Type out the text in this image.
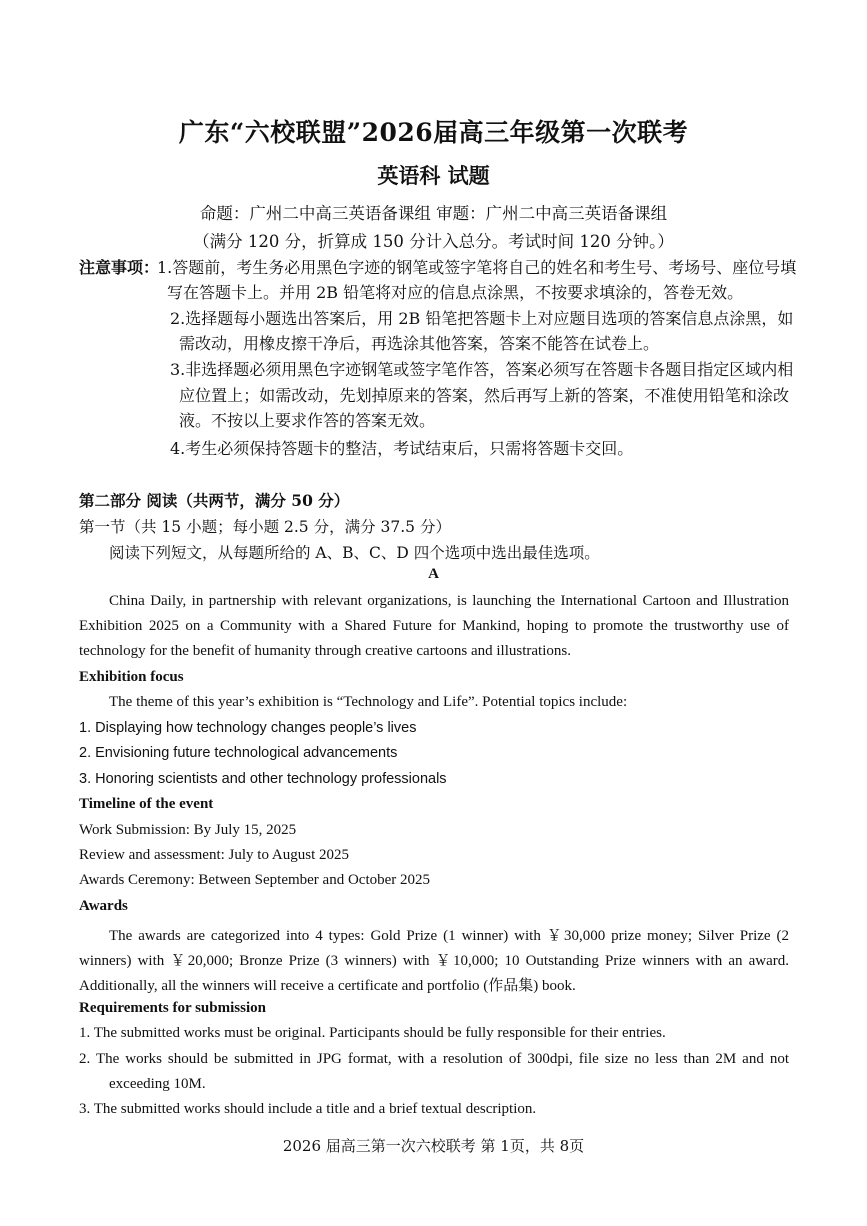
广东“六校联盟”2026届高三年级第一次联考
英语科 试题
命题：广州二中高三英语备课组 审题：广州二中高三英语备课组
（满分 120 分，折算成 150 分计入总分。考试时间 120 分钟。）
注意事项：
1.答题前，考生务必用黑色字迹的钢笔或签字笔将自己的姓名和考生号、考场号、座位号填
写在答题卡上。并用 2B 铅笔将对应的信息点涂黑，不按要求填涂的，答卷无效。
2.选择题每小题选出答案后，用 2B 铅笔把答题卡上对应题目选项的答案信息点涂黑，如
需改动，用橡皮擦干净后，再选涂其他答案，答案不能答在试卷上。
3.非选择题必须用黑色字迹钢笔或签字笔作答，答案必须写在答题卡各题目指定区域内相
应位置上；如需改动，先划掉原来的答案，然后再写上新的答案，不准使用铅笔和涂改
液。不按以上要求作答的答案无效。
4.考生必须保持答题卡的整洁，考试结束后，只需将答题卡交回。
第二部分 阅读（共两节，满分 50 分）
第一节（共 15 小题；每小题 2.5 分，满分 37.5 分）
阅读下列短文，从每题所给的 A、B、C、D 四个选项中选出最佳选项。
A
China Daily, in partnership with relevant organizations, is launching the International Cartoon and Illustration
Exhibition 2025 on a Community with a Shared Future for Mankind, hoping to promote the trustworthy use of
technology for the benefit of humanity through creative cartoons and illustrations.
Exhibition focus
The theme of this year’s exhibition is “Technology and Life”. Potential topics include:
1. Displaying how technology changes people’s lives
2. Envisioning future technological advancements
3. Honoring scientists and other technology professionals
Timeline of the event
Work Submission: By July 15, 2025
Review and assessment: July to August 2025
Awards Ceremony: Between September and October 2025
Awards
The awards are categorized into 4 types: Gold Prize (1 winner) with ￥30,000 prize money; Silver Prize (2
winners) with ￥20,000; Bronze Prize (3 winners) with ￥10,000; 10 Outstanding Prize winners with an award.
Additionally, all the winners will receive a certificate and portfolio (作品集) book.
Requirements for submission
1. The submitted works must be original. Participants should be fully responsible for their entries.
2. The works should be submitted in JPG format, with a resolution of 300dpi, file size no less than 2M and not
exceeding 10M.
3. The submitted works should include a title and a brief textual description.
2026 届高三第一次六校联考 第 1页，共 8页
